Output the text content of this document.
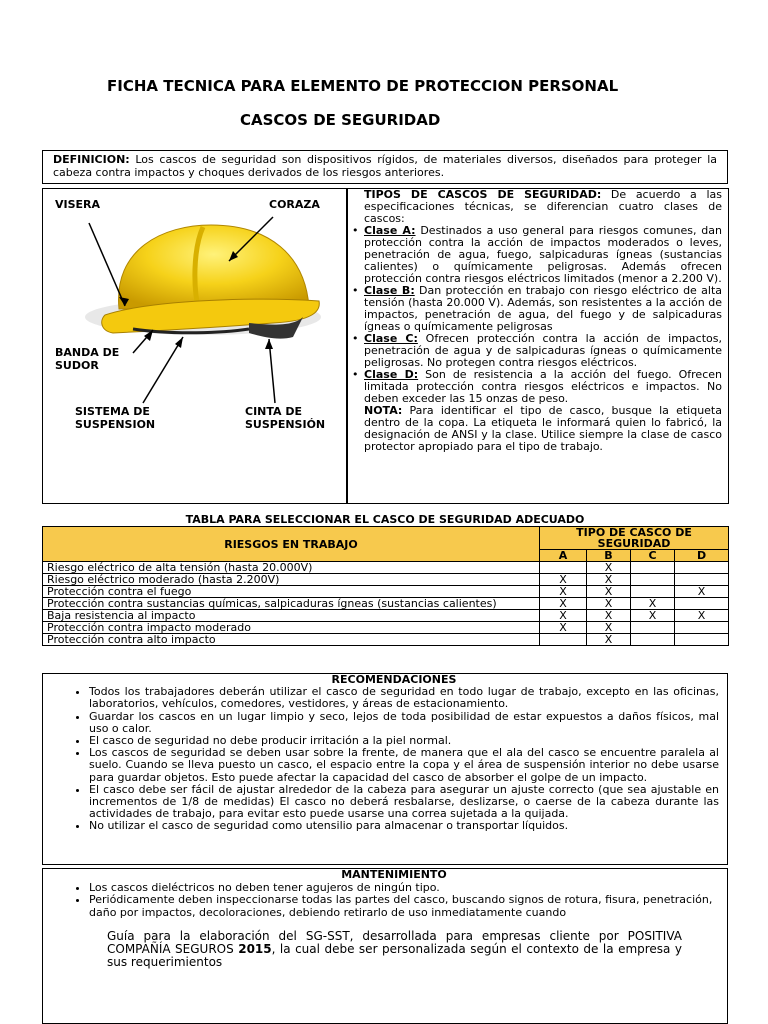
FICHA TECNICA PARA ELEMENTO DE PROTECCION PERSONAL
CASCOS DE SEGURIDAD
DEFINICION: Los cascos de seguridad son dispositivos rígidos, de materiales diversos, diseñados para proteger la cabeza contra impactos y choques derivados de los riesgos anteriores.
VISERA	CORAZA
BANDA DE SUDOR
SISTEMA DE SUSPENSION
CINTA DE SUSPENSIÓN

TIPOS DE CASCOS DE SEGURIDAD: De acuerdo a las especificaciones técnicas, se diferencian cuatro clases de cascos:

• Clase A: Destinados a uso general para riesgos comunes, dan protección contra la acción de impactos moderados o leves, penetración de agua, fuego, salpicaduras ígneas (sustancias calientes) o químicamente peligrosas. Además ofrecen protección contra riesgos eléctricos limitados (menor a 2.200 V).

• Clase B: Dan protección en trabajo con riesgo eléctrico de alta tensión (hasta 20.000 V). Además, son resistentes a la acción de impactos, penetración de agua, del fuego y de salpicaduras ígneas o químicamente peligrosas

• Clase C: Ofrecen protección contra la acción de impactos, penetración de agua y de salpicaduras ígneas o químicamente peligrosas. No protegen contra riesgos eléctricos.

• Clase D: Son de resistencia a la acción del fuego. Ofrecen limitada protección contra riesgos eléctricos e impactos. No deben exceder las 15 onzas de peso.

NOTA: Para identificar el tipo de casco, busque la etiqueta dentro de la copa. La etiqueta le informará quien lo fabricó, la designación de ANSI y la clase. Utilice siempre la clase de casco protector apropiado para el tipo de trabajo.

TABLA PARA SELECCIONAR EL CASCO DE SEGURIDAD ADECUADO
RIESGOS EN TRABAJO	TIPO DE CASCO DE SEGURIDAD			
	A	B	C	D
Riesgo eléctrico de alta tensión (hasta 20.000V)		X		
Riesgo eléctrico moderado (hasta 2.200V)	X	X		
Protección contra el fuego	X	X		X
Protección contra sustancias químicas, salpicaduras ígneas (sustancias calientes)	X	X	X	
Baja resistencia al impacto	X	X	X	X
Protección contra impacto moderado	X	X		
Protección contra alto impacto		X		
RECOMENDACIONES
• Todos los trabajadores deberán utilizar el casco de seguridad en todo lugar de trabajo, excepto en las oficinas, laboratorios, vehículos, comedores, vestidores, y áreas de estacionamiento.
• Guardar los cascos en un lugar limpio y seco, lejos de toda posibilidad de estar expuestos a daños físicos, mal uso o calor.
• El casco de seguridad no debe producir irritación a la piel normal.
• Los cascos de seguridad se deben usar sobre la frente, de manera que el ala del casco se encuentre paralela al suelo. Cuando se lleva puesto un casco, el espacio entre la copa y el área de suspensión interior no debe usarse para guardar objetos. Esto puede afectar la capacidad del casco de absorber el golpe de un impacto.
• El casco debe ser fácil de ajustar alrededor de la cabeza para asegurar un ajuste correcto (que sea ajustable en incrementos de 1/8 de medidas) El casco no deberá resbalarse, deslizarse, o caerse de la cabeza durante las actividades de trabajo, para evitar esto puede usarse una correa sujetada a la quijada.
• No utilizar el casco de seguridad como utensilio para almacenar o transportar líquidos.
MANTENIMIENTO
• Los cascos dieléctricos no deben tener agujeros de ningún tipo.
• Periódicamente deben inspeccionarse todas las partes del casco, buscando signos de rotura, fisura, penetración, daño por impactos, decoloraciones, debiendo retirarlo de uso inmediatamente cuando
Guía para la elaboración del SG-SST, desarrollada para empresas cliente por POSITIVA COMPAÑÍA SEGUROS 2015, la cual debe ser personalizada según el contexto de la empresa y sus requerimientos
